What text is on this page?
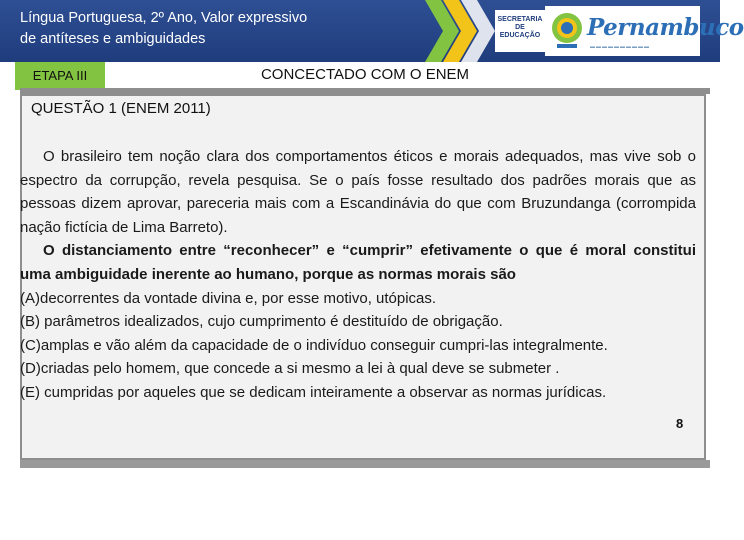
Língua Portuguesa, 2º Ano, Valor expressivo
de antíteses e ambiguidades
SECRETARIA
DE EDUCAÇÃO Pernambuco
▬▬▬▬▬▬▬▬▬▬
ETAPA III	CONCECTADO COM O ENEM
QUESTÃO 1 (ENEM 2011)

O brasileiro tem noção clara dos comportamentos éticos e morais adequados, mas vive sob o espectro da corrupção, revela pesquisa. Se o país fosse resultado dos padrões morais que as pessoas dizem aprovar, pareceria mais com a Escandinávia do que com Bruzundanga (corrompida nação fictícia de Lima Barreto).

O distanciamento entre “reconhecer” e “cumprir” efetivamente o que é moral constitui uma ambiguidade inerente ao humano, porque as normas morais são

(A)decorrentes da vontade divina e, por esse motivo, utópicas.

(B) parâmetros idealizados, cujo cumprimento é destituído de obrigação.

(C)amplas e vão além da capacidade de o indivíduo conseguir cumpri-las integralmente.

(D)criadas pelo homem, que concede a si mesmo a lei à qual deve se submeter .

(E) cumpridas por aqueles que se dedicam inteiramente a observar as normas jurídicas.

8
